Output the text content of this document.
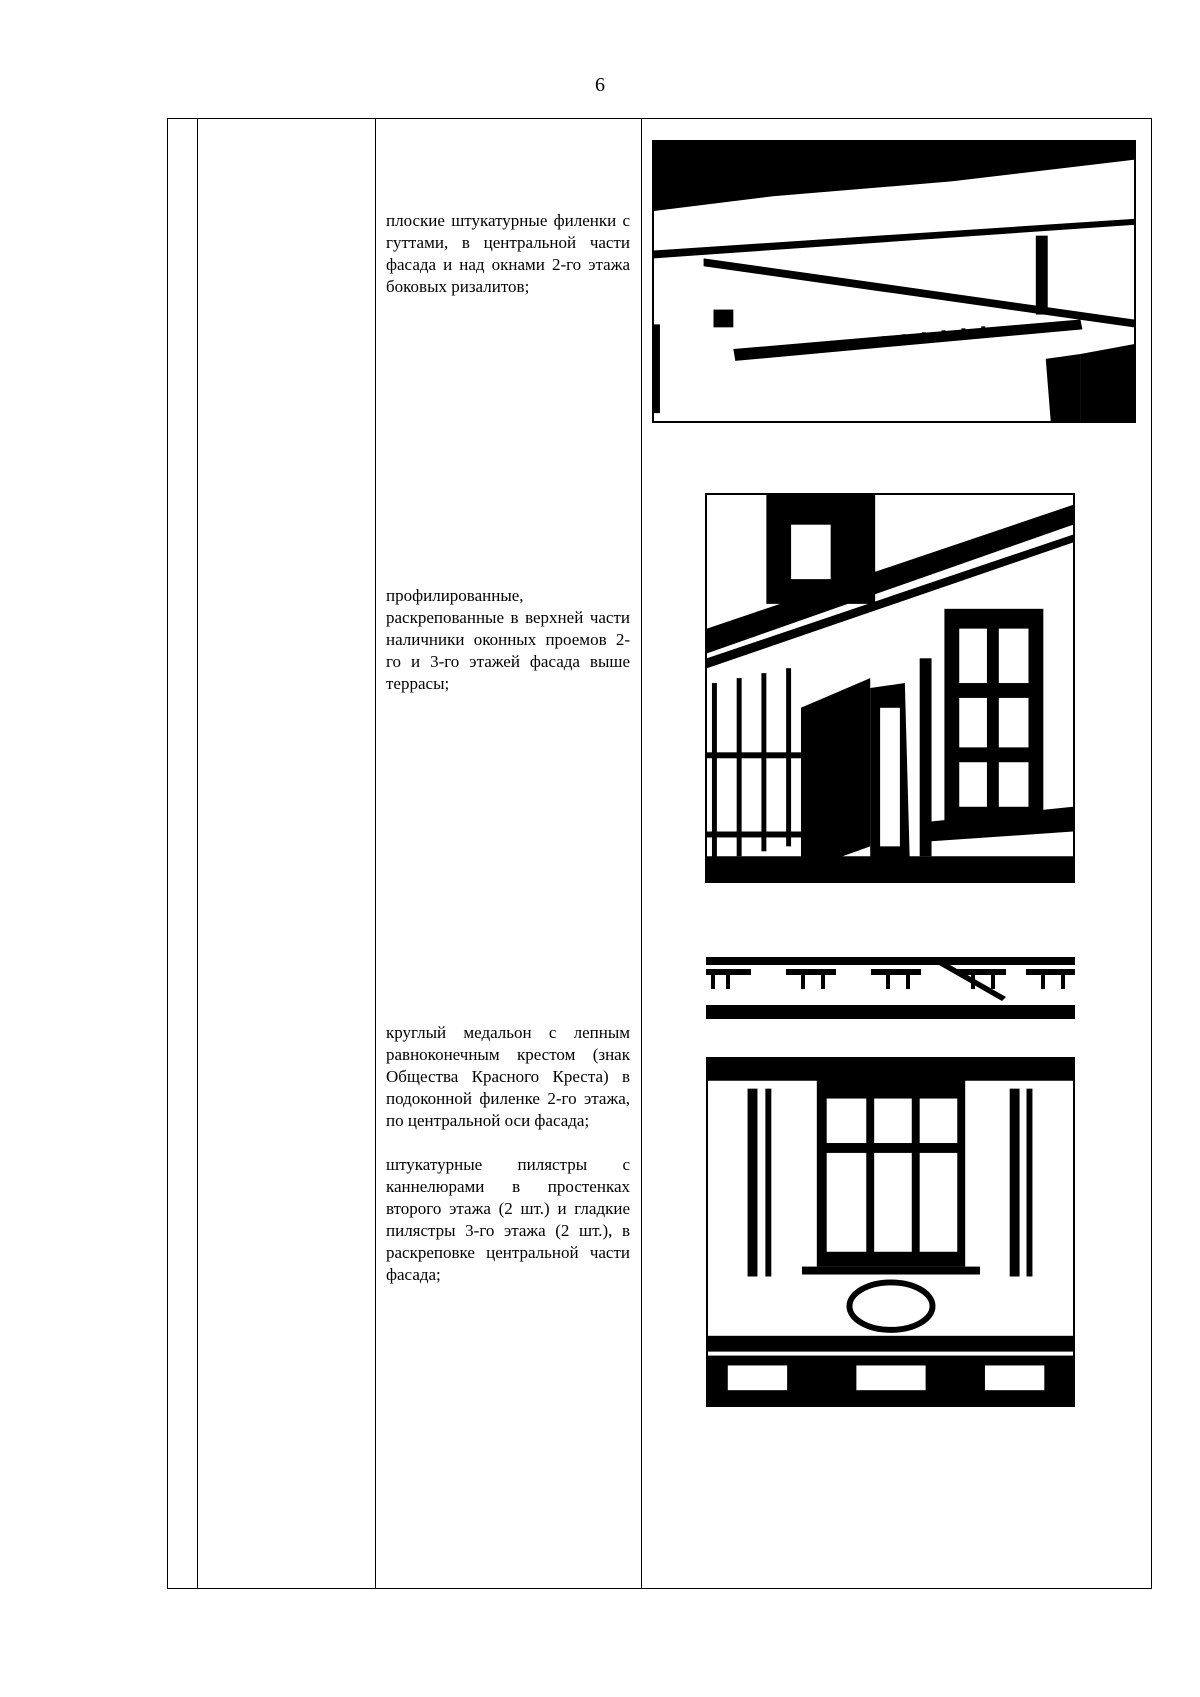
6

плоские штукатурные филенки с гуттами, в центральной части фасада и над окнами 2-го этажа боковых ризалитов;

профилированные, раскрепованные в верхней части наличники оконных проемов 2-го и 3-го этажей фасада выше террасы;

круглый медальон с лепным равноконечным крестом (знак Общества Красного Креста) в подоконной филенке 2-го этажа, по центральной оси фасада;

штукатурные пилястры с каннелюрами в простенках второго этажа (2 шт.) и гладкие пилястры 3-го этажа (2 шт.), в раскреповке центральной части фасада;
